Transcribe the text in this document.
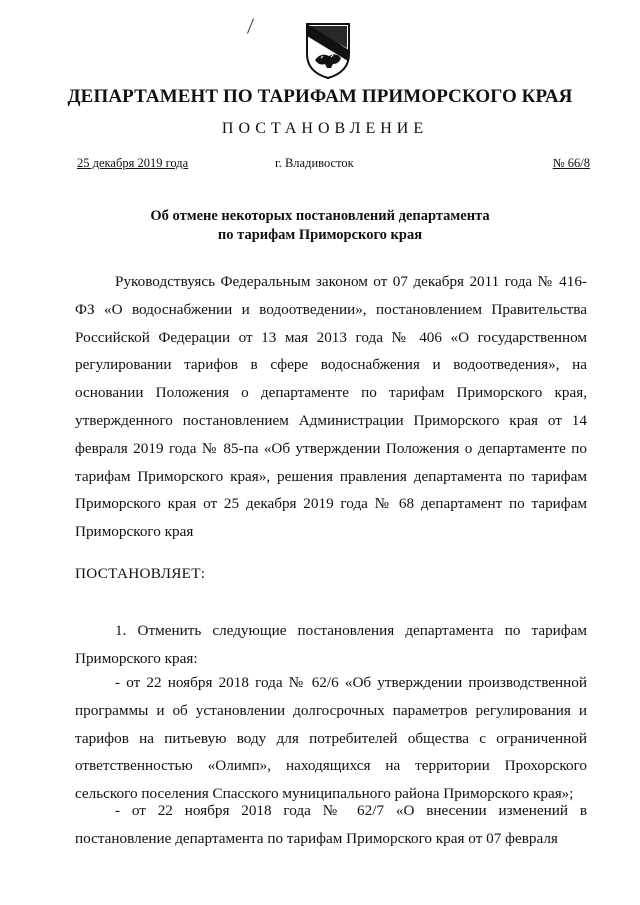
ДЕПАРТАМЕНТ ПО ТАРИФАМ ПРИМОРСКОГО КРАЯ
ПОСТАНОВЛЕНИЕ
25 декабря 2019 года	г. Владивосток	№ 66/8
Об отмене некоторых постановлений департамента
по тарифам Приморского края

Руководствуясь Федеральным законом от 07 декабря 2011 года № 416-ФЗ «О водоснабжении и водоотведении», постановлением Правительства Российской Федерации от 13 мая 2013 года № 406 «О государственном регулировании тарифов в сфере водоснабжения и водоотведения», на основании Положения о департаменте по тарифам Приморского края, утвержденного постановлением Администрации Приморского края от 14 февраля 2019 года № 85-па «Об утверждении Положения о департаменте по тарифам Приморского края», решения правления департамента по тарифам Приморского края от 25 декабря 2019 года № 68 департамент по тарифам Приморского края

ПОСТАНОВЛЯЕТ:

1. Отменить следующие постановления департамента по тарифам Приморского края:

- от 22 ноября 2018 года № 62/6 «Об утверждении производственной программы и об установлении долгосрочных параметров регулирования и тарифов на питьевую воду для потребителей общества с ограниченной ответственностью «Олимп», находящихся на территории Прохорского сельского поселения Спасского муниципального района Приморского края»;

- от 22 ноября 2018 года № 62/7 «О внесении изменений в постановление департамента по тарифам Приморского края от 07 февраля
